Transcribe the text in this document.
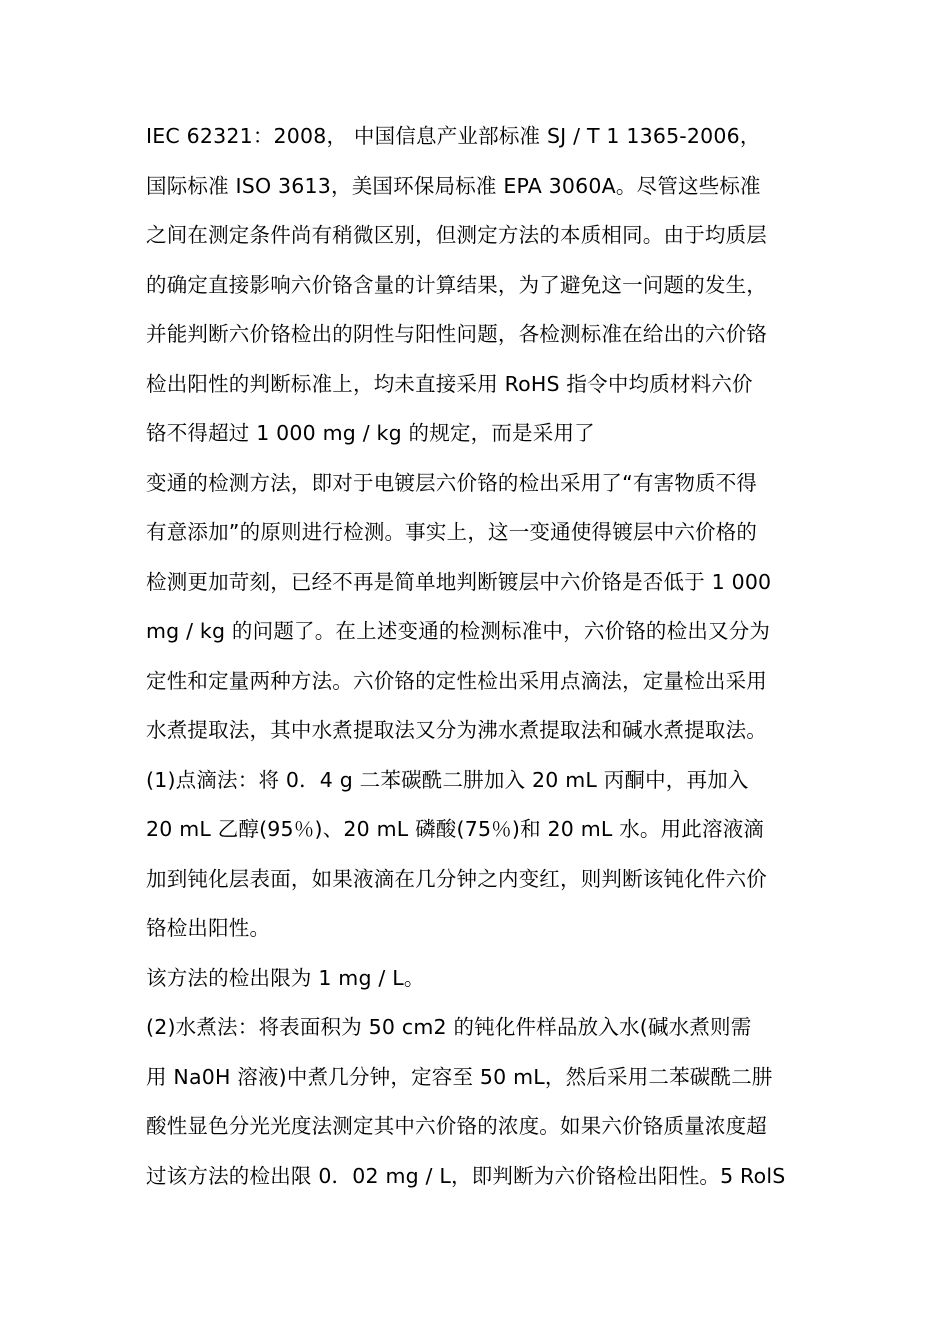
IEC 62321：2008， 中国信息产业部标准 SJ / T 1 1365-2006，
国际标准 ISO 3613，美国环保局标准 EPA 3060A。尽管这些标准
之间在测定条件尚有稍微区别，但测定方法的本质相同。由于均质层
的确定直接影响六价铬含量的计算结果，为了避免这一问题的发生，
并能判断六价铬检出的阴性与阳性问题，各检测标准在给出的六价铬
检出阳性的判断标准上，均未直接采用 RoHS 指令中均质材料六价
铬不得超过 1 000 mg / kg 的规定，而是采用了
变通的检测方法，即对于电镀层六价铬的检出采用了“有害物质不得
有意添加”的原则进行检测。事实上，这一变通使得镀层中六价格的
检测更加苛刻，已经不再是简单地判断镀层中六价铬是否低于 1 000
mg / kg 的问题了。在上述变通的检测标准中，六价铬的检出又分为
定性和定量两种方法。六价铬的定性检出采用点滴法，定量检出采用
水煮提取法，其中水煮提取法又分为沸水煮提取法和碱水煮提取法。
(1)点滴法：将 0．4 g 二苯碳酰二肼加入 20 mL 丙酮中，再加入
20 mL 乙醇(95％)、20 mL 磷酸(75％)和 20 mL 水。用此溶液滴
加到钝化层表面，如果液滴在几分钟之内变红，则判断该钝化件六价
铬检出阳性。
该方法的检出限为 1 mg / L。
(2)水煮法：将表面积为 50 cm2 的钝化件样品放入水(碱水煮则需
用 Na0H 溶液)中煮几分钟，定容至 50 mL，然后采用二苯碳酰二肼
酸性显色分光光度法测定其中六价铬的浓度。如果六价铬质量浓度超
过该方法的检出限 0．02 mg / L，即判断为六价铬检出阳性。5 RolS
